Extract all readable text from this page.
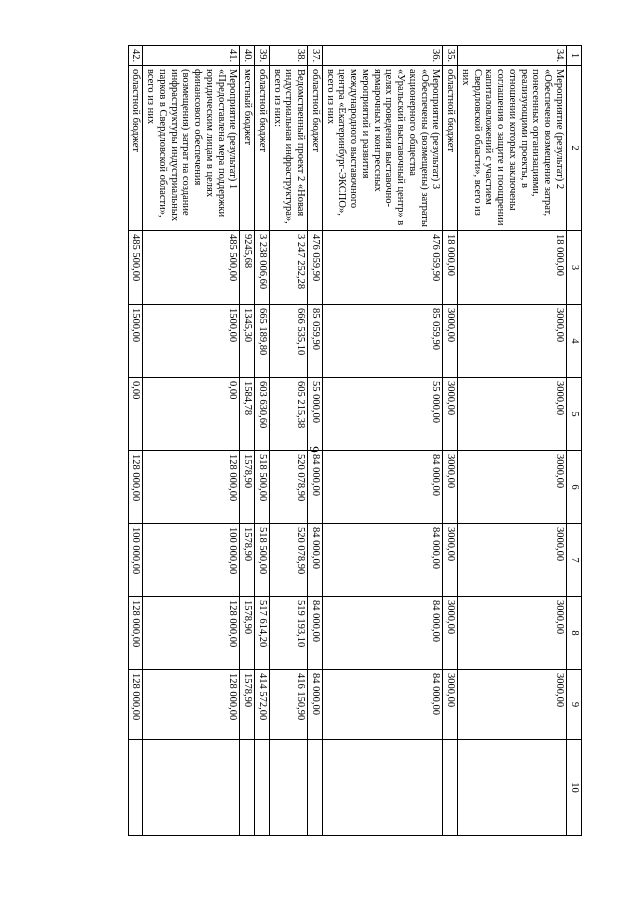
9
1	2	3	4	5	6	7	8	9	10
34.	Мероприятие (результат) 2 «Обеспечено возмещение затрат, понесенных организациями, реализующими проекты, в отношении которых заключены соглашения о защите и поощрении капиталовложений с участием Свердловской области», всего из них	18 000,00	3000,00	3000,00	3000,00	3000,00	3000,00	3000,00	
35.	областной бюджет	18 000,00	3000,00	3000,00	3000,00	3000,00	3000,00	3000,00	
36.	Мероприятие (результат) 3 «Обеспечены (возмещены) затраты акционерного общества «Уральский выставочный центр» в целях проведения выставочно-ярмарочных и конгрессных мероприятий и развития международного выставочного центра «Екатеринбург-ЭКСПО», всего из них	476 059,90	85 059,90	55 000,00	84 000,00	84 000,00	84 000,00	84 000,00	
37.	областной бюджет	476 059,90	85 059,90	55 000,00	84 000,00	84 000,00	84 000,00	84 000,00	
38.	Ведомственный проект 2 «Новая индустриальная инфраструктура», всего из них:	3 247 252,28	666 535,10	605 215,38	520 078,90	520 078,90	519 193,10	416 150,90	
39.	областной бюджет	3 238 006,60	665 189,80	603 630,60	518 500,00	518 500,00	517 614,20	414 572,00	
40.	местный бюджет	9245,68	1345,30	1584,78	1578,90	1578,90	1578,90	1578,90	
41.	Мероприятие (результат) 1 «Предоставлена мера поддержки юридическим лицам в целях финансового обеспечения (возмещения) затрат на создание инфраструктуры индустриальных парков в Свердловской области», всего из них	485 500,00	1500,00	0,00	128 000,00	100 000,00	128 000,00	128 000,00	
42.	областной бюджет	485 500,00	1500,00	0,00	128 000,00	100 000,00	128 000,00	128 000,00	
